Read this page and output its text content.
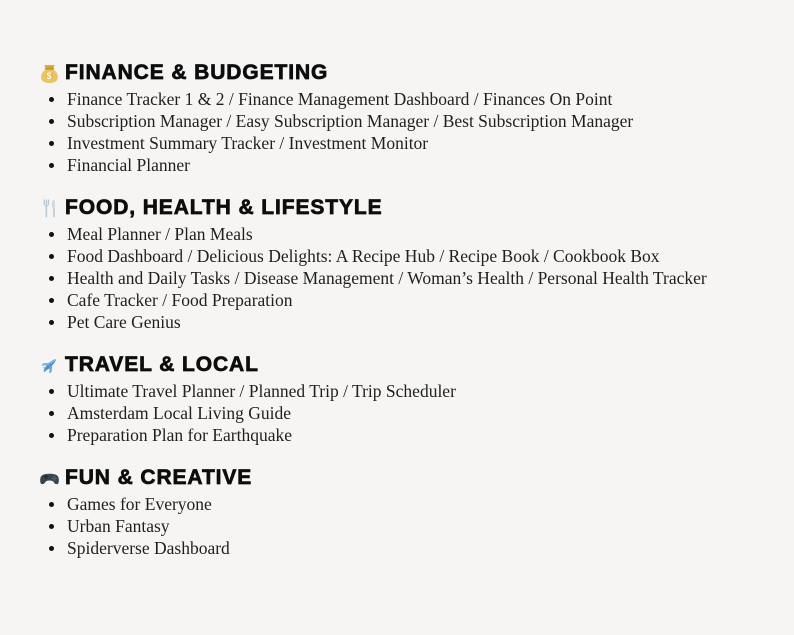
$ FINANCE & BUDGETING
Finance Tracker 1 & 2 / Finance Management Dashboard / Finances On Point
Subscription Manager / Easy Subscription Manager / Best Subscription Manager
Investment Summary Tracker / Investment Monitor
Financial Planner
FOOD, HEALTH & LIFESTYLE
Meal Planner / Plan Meals
Food Dashboard / Delicious Delights: A Recipe Hub / Recipe Book / Cookbook Box
Health and Daily Tasks / Disease Management / Woman’s Health / Personal Health Tracker
Cafe Tracker / Food Preparation
Pet Care Genius
TRAVEL & LOCAL
Ultimate Travel Planner / Planned Trip / Trip Scheduler
Amsterdam Local Living Guide
Preparation Plan for Earthquake
FUN & CREATIVE
Games for Everyone
Urban Fantasy
Spiderverse Dashboard
